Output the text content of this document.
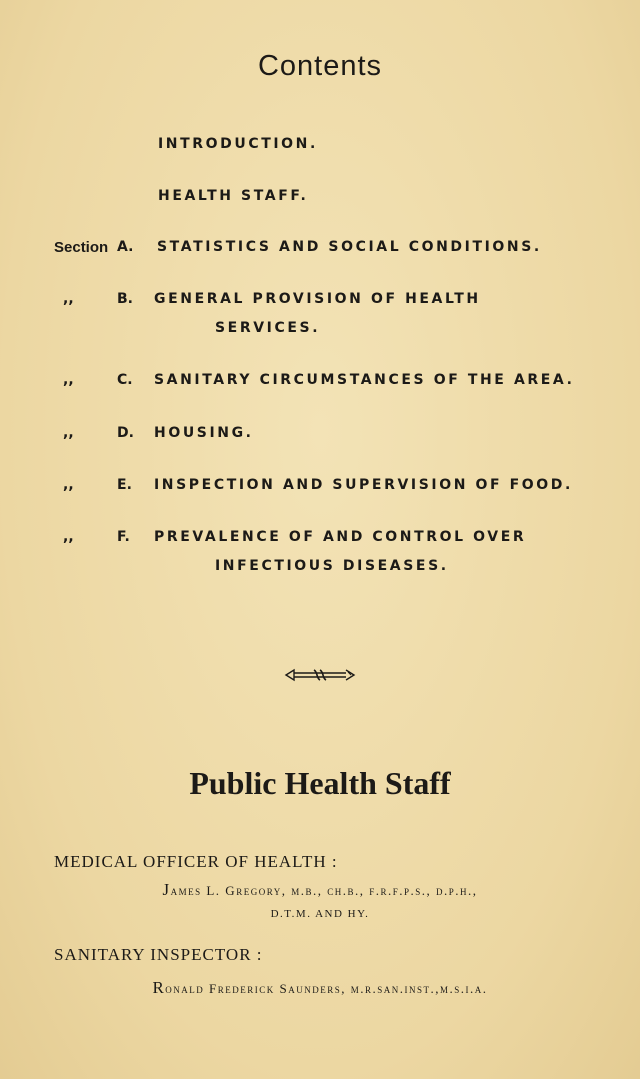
Contents
INTRODUCTION.
HEALTH STAFF.
Section A. STATISTICS AND SOCIAL CONDITIONS.
,,	B. GENERAL PROVISION OF HEALTH
SERVICES.
,,	C. SANITARY CIRCUMSTANCES OF THE AREA.
,,	D. HOUSING.
,,	E. INSPECTION AND SUPERVISION OF FOOD.
,,	F. PREVALENCE OF AND CONTROL OVER
INFECTIOUS DISEASES.
Public Health Staff
MEDICAL OFFICER OF HEALTH :
James L. Gregory, m.b., ch.b., f.r.f.p.s., d.p.h.,
D.T.M. AND HY.
SANITARY INSPECTOR :
Ronald Frederick Saunders, m.r.san.inst.,m.s.i.a.
